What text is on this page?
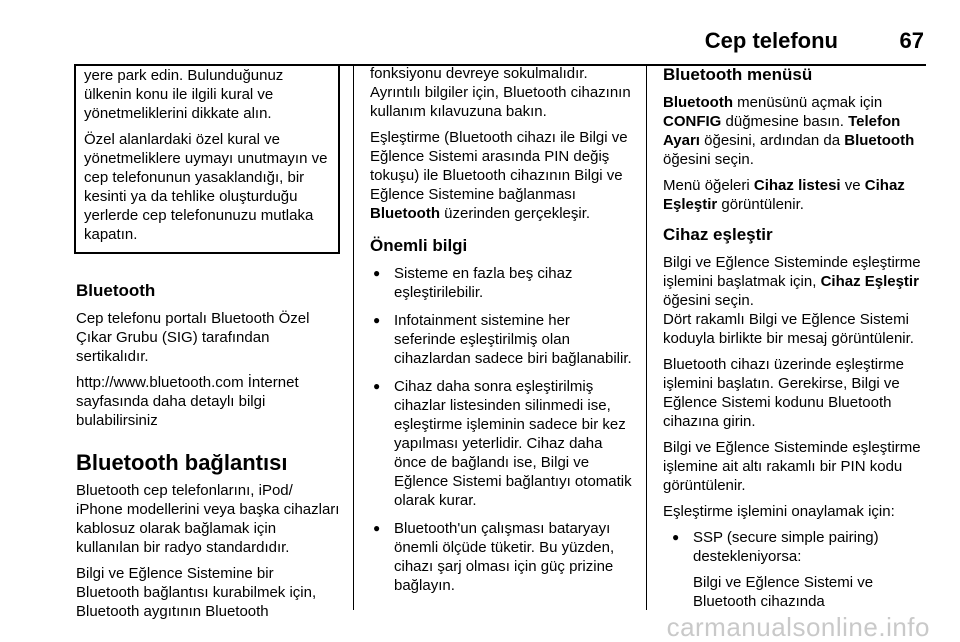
Cep telefonu	67

yere park edin. Bulunduğunuz ülkenin konu ile ilgili kural ve yönetmeliklerini dikkate alın.

Özel alanlardaki özel kural ve yönetmeliklere uymayı unutmayın ve cep telefonunun yasaklandığı, bir kesinti ya da tehlike oluşturduğu yerlerde cep telefonunuzu mutlaka kapatın.

Bluetooth

Cep telefonu portalı Bluetooth Özel Çıkar Grubu (SIG) tarafından sertikalıdır.

http://www.bluetooth.com İnternet sayfasında daha detaylı bilgi bulabilirsiniz

Bluetooth bağlantısı

Bluetooth cep telefonlarını, iPod/ iPhone modellerini veya başka cihazları kablosuz olarak bağlamak için kullanılan bir radyo standardıdır.

Bilgi ve Eğlence Sistemine bir Bluetooth bağlantısı kurabilmek için, Bluetooth aygıtının Bluetooth

fonksiyonu devreye sokulmalıdır. Ayrıntılı bilgiler için, Bluetooth cihazının kullanım kılavuzuna bakın.

Eşleştirme (Bluetooth cihazı ile Bilgi ve Eğlence Sistemi arasında PIN değiş tokuşu) ile Bluetooth cihazının Bilgi ve Eğlence Sistemine bağlanması Bluetooth üzerinden gerçekleşir.

Önemli bilgi
● Sisteme en fazla beş cihaz eşleştirilebilir.
● Infotainment sistemine her seferinde eşleştirilmiş olan cihazlardan sadece biri bağlanabilir.
● Cihaz daha sonra eşleştirilmiş cihazlar listesinden silinmedi ise, eşleştirme işleminin sadece bir kez yapılması yeterlidir. Cihaz daha önce de bağlandı ise, Bilgi ve Eğlence Sistemi bağlantıyı otomatik olarak kurar.
● Bluetooth'un çalışması bataryayı önemli ölçüde tüketir. Bu yüzden, cihazı şarj olması için güç prizine bağlayın.
Bluetooth menüsü

Bluetooth menüsünü açmak için CONFIG düğmesine basın. Telefon Ayarı öğesini, ardından da Bluetooth öğesini seçin.

Menü öğeleri Cihaz listesi ve Cihaz Eşleştir görüntülenir.

Cihaz eşleştir

Bilgi ve Eğlence Sisteminde eşleştirme işlemini başlatmak için, Cihaz Eşleştir öğesini seçin.
Dört rakamlı Bilgi ve Eğlence Sistemi koduyla birlikte bir mesaj görüntülenir.

Bluetooth cihazı üzerinde eşleştirme işlemini başlatın. Gerekirse, Bilgi ve Eğlence Sistemi kodunu Bluetooth cihazına girin.

Bilgi ve Eğlence Sisteminde eşleştirme işlemine ait altı rakamlı bir PIN kodu görüntülenir.

Eşleştirme işlemini onaylamak için:

● SSP (secure simple pairing) destekleniyorsa:
Bilgi ve Eğlence Sistemi ve Bluetooth cihazında
carmanualsonline.info
